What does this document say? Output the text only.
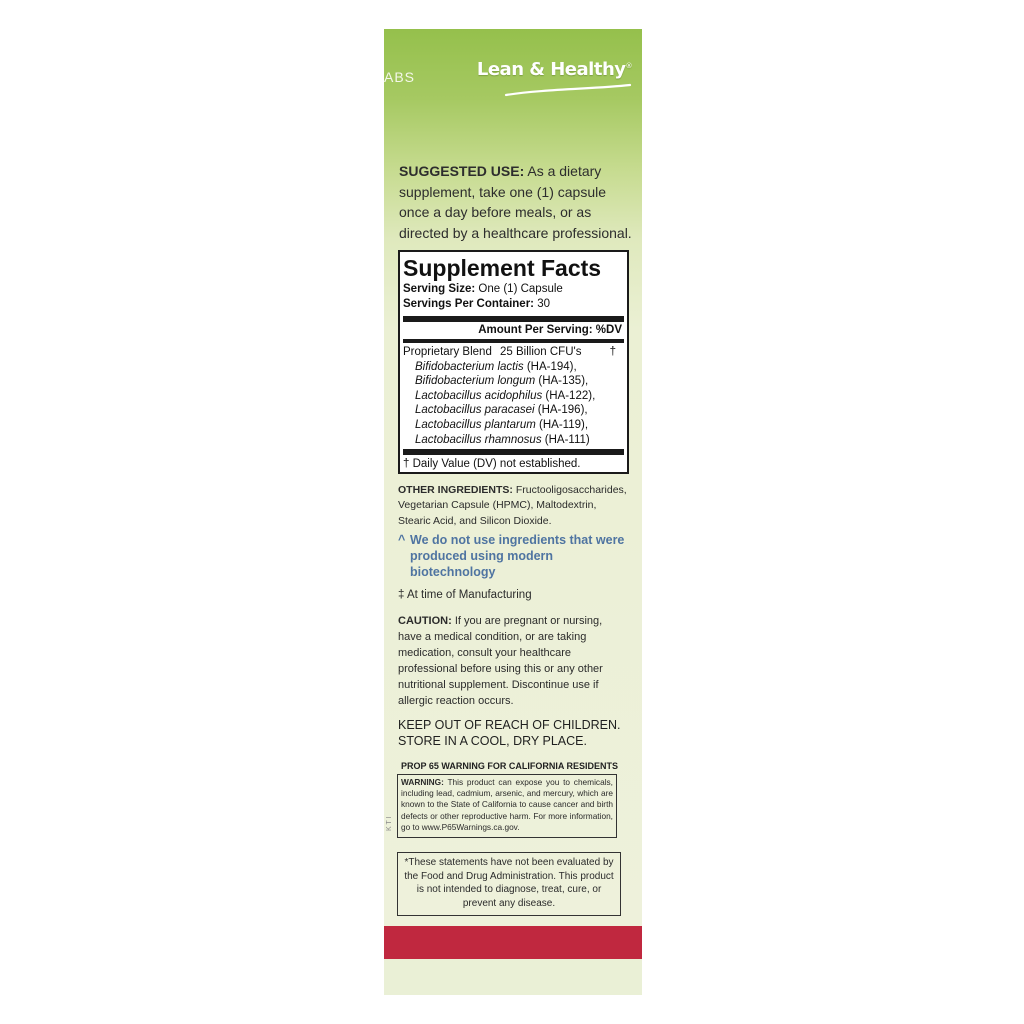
ABS	Lean & Healthy®
SUGGESTED USE: As a dietary supplement, take one (1) capsule once a day before meals, or as directed by a healthcare professional.
Supplement Facts
Serving Size: One (1) Capsule
Servings Per Container: 30
Amount Per Serving: %DV
Proprietary Blend 25 Billion CFU's †
Bifidobacterium lactis (HA-194),
Bifidobacterium longum (HA-135),
Lactobacillus acidophilus (HA-122),
Lactobacillus paracasei (HA-196),
Lactobacillus plantarum (HA-119),
Lactobacillus rhamnosus (HA-111)
† Daily Value (DV) not established.
OTHER INGREDIENTS: Fructooligosaccharides, Vegetarian Capsule (HPMC), Maltodextrin, Stearic Acid, and Silicon Dioxide.
^ We do not use ingredients that were produced using modern biotechnology
‡ At time of Manufacturing
CAUTION: If you are pregnant or nursing, have a medical condition, or are taking medication, consult your healthcare professional before using this or any other nutritional supplement. Discontinue use if allergic reaction occurs.
KEEP OUT OF REACH OF CHILDREN.
STORE IN A COOL, DRY PLACE.
PROP 65 WARNING FOR CALIFORNIA RESIDENTS
WARNING: This product can expose you to chemicals, including lead, cadmium, arsenic, and mercury, which are known to the State of California to cause cancer and birth defects or other reproductive harm. For more information, go to www.P65Warnings.ca.gov.
K T I
*These statements have not been evaluated by the Food and Drug Administration. This product is not intended to diagnose, treat, cure, or prevent any disease.
